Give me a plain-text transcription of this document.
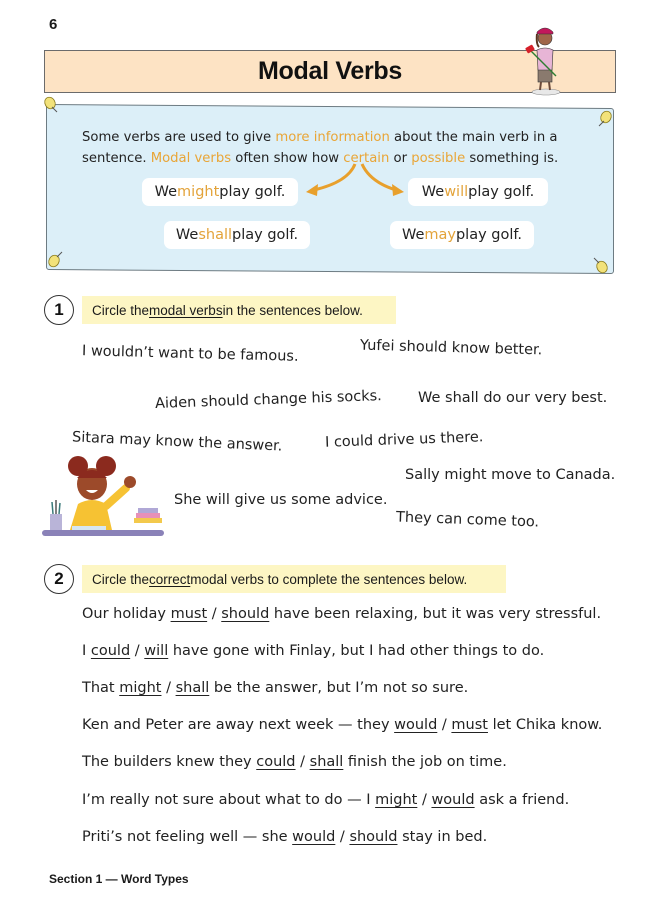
6
Modal Verbs
Some verbs are used to give more information about the main verb in a
sentence. Modal verbs often show how certain or possible something is.
We might play golf.	We will play golf.
We shall play golf.	We may play golf.
1	Circle the modal verbs in the sentences below.
I wouldn’t want to be famous.	Yufei should know better.
Aiden should change his socks. We shall do our very best.
Sitara may know the answer.	I could drive us there.
Sally might move to Canada.
She will give us some advice.
They can come too.
2	Circle the correct modal verbs to complete the sentences below.
Our holiday must / should have been relaxing, but it was very stressful.
I could / will have gone with Finlay, but I had other things to do.
That might / shall be the answer, but I’m not so sure.
Ken and Peter are away next week — they would / must let Chika know.
The builders knew they could / shall finish the job on time.
I’m really not sure about what to do — I might / would ask a friend.
Priti’s not feeling well — she would / should stay in bed.
Section 1 — Word Types
